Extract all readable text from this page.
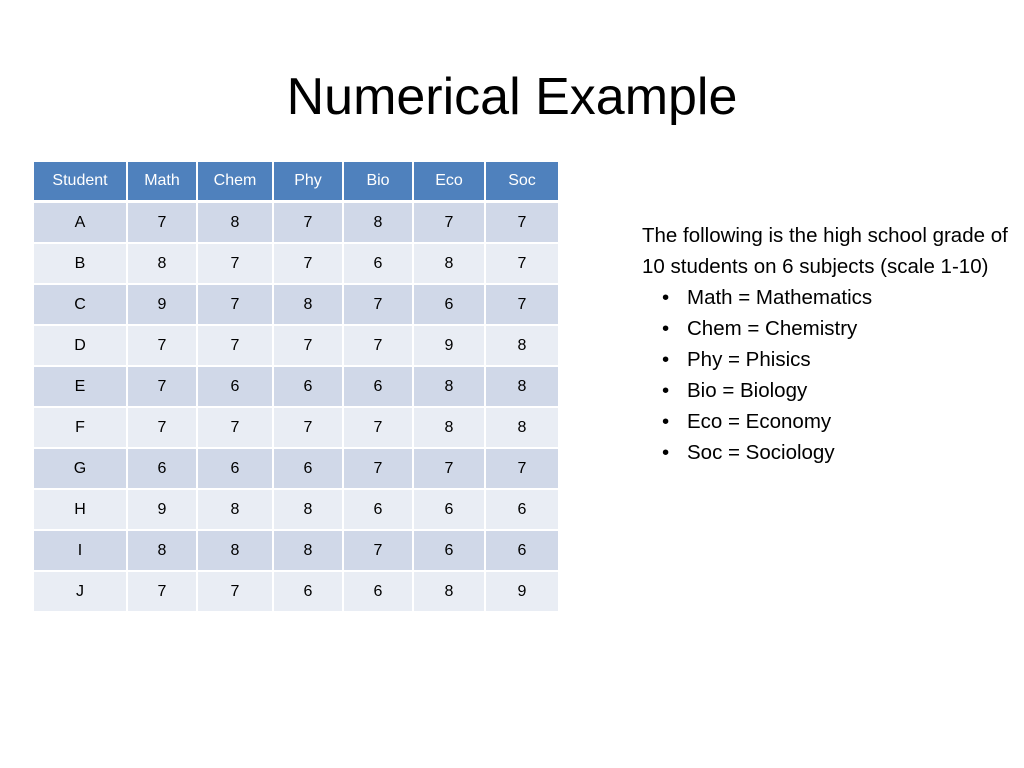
Numerical Example
Student	Math	Chem	Phy	Bio	Eco	Soc
A	7	8	7	8	7	7
B	8	7	7	6	8	7
C	9	7	8	7	6	7
D	7	7	7	7	9	8
E	7	6	6	6	8	8
F	7	7	7	7	8	8
G	6	6	6	7	7	7
H	9	8	8	6	6	6
I	8	8	8	7	6	6
J	7	7	6	6	8	9

The following is the high school grade of 10 students on 6 subjects (scale 1-10)

• Math = Mathematics
• Chem = Chemistry
• Phy = Phisics
• Bio = Biology
• Eco = Economy
• Soc = Sociology
